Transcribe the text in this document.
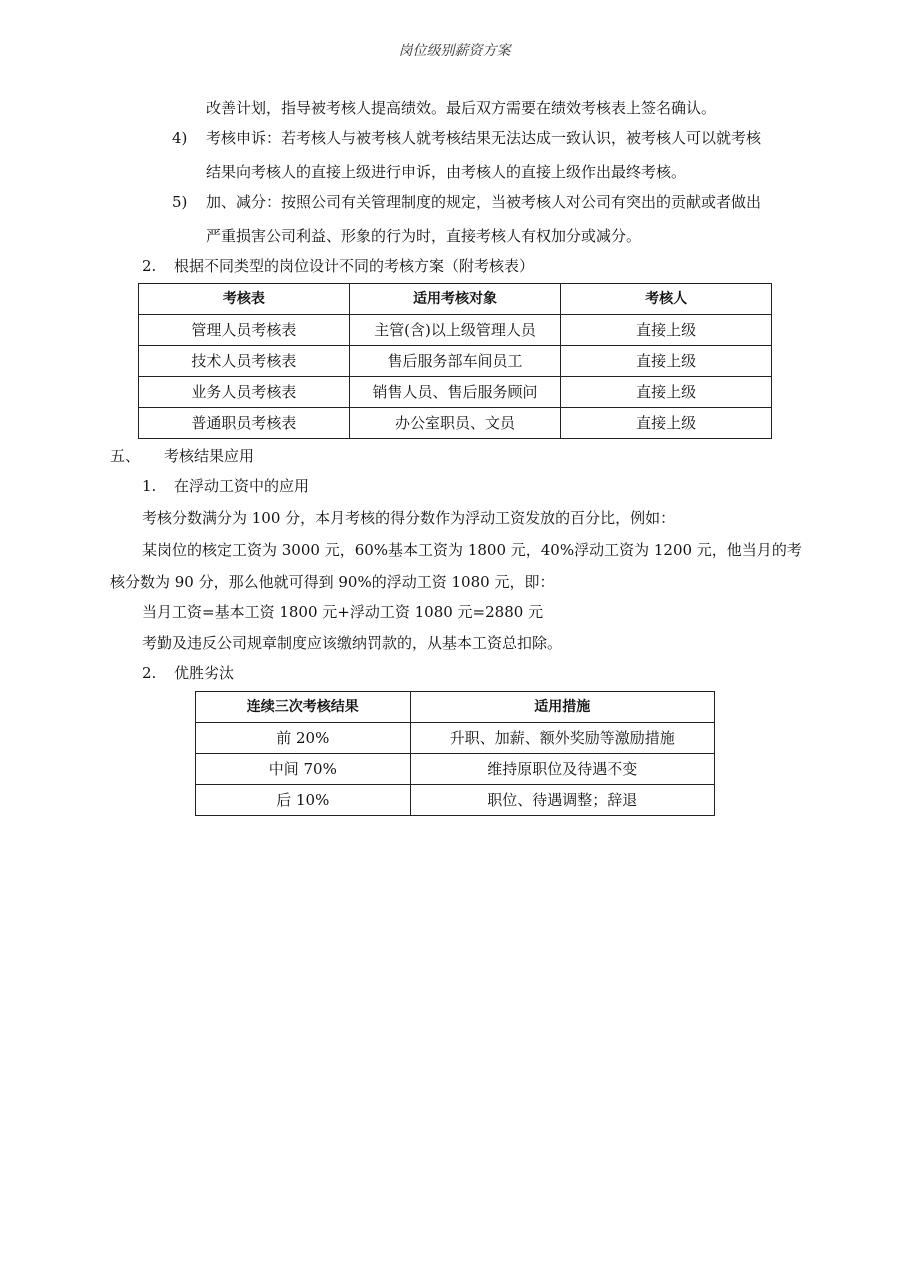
岗位级别薪资方案
改善计划，指导被考核人提高绩效。最后双方需要在绩效考核表上签名确认。
4) 考核申诉：若考核人与被考核人就考核结果无法达成一致认识，被考核人可以就考核
结果向考核人的直接上级进行申诉，由考核人的直接上级作出最终考核。
5) 加、减分：按照公司有关管理制度的规定，当被考核人对公司有突出的贡献或者做出
严重损害公司利益、形象的行为时，直接考核人有权加分或减分。
2. 根据不同类型的岗位设计不同的考核方案（附考核表）
考核表	适用考核对象	考核人
管理人员考核表	主管(含)以上级管理人员	直接上级
技术人员考核表	售后服务部车间员工	直接上级
业务人员考核表	销售人员、售后服务顾问	直接上级
普通职员考核表	办公室职员、文员	直接上级
五、 考核结果应用
1. 在浮动工资中的应用
考核分数满分为 100 分，本月考核的得分数作为浮动工资发放的百分比，例如：
某岗位的核定工资为 3000 元，60%基本工资为 1800 元，40%浮动工资为 1200 元，他当月的考
核分数为 90 分，那么他就可得到 90%的浮动工资 1080 元，即：
当月工资=基本工资 1800 元+浮动工资 1080 元=2880 元
考勤及违反公司规章制度应该缴纳罚款的，从基本工资总扣除。
2. 优胜劣汰
连续三次考核结果	适用措施
前 20%	升职、加薪、额外奖励等激励措施
中间 70%	维持原职位及待遇不变
后 10%	职位、待遇调整；辞退
